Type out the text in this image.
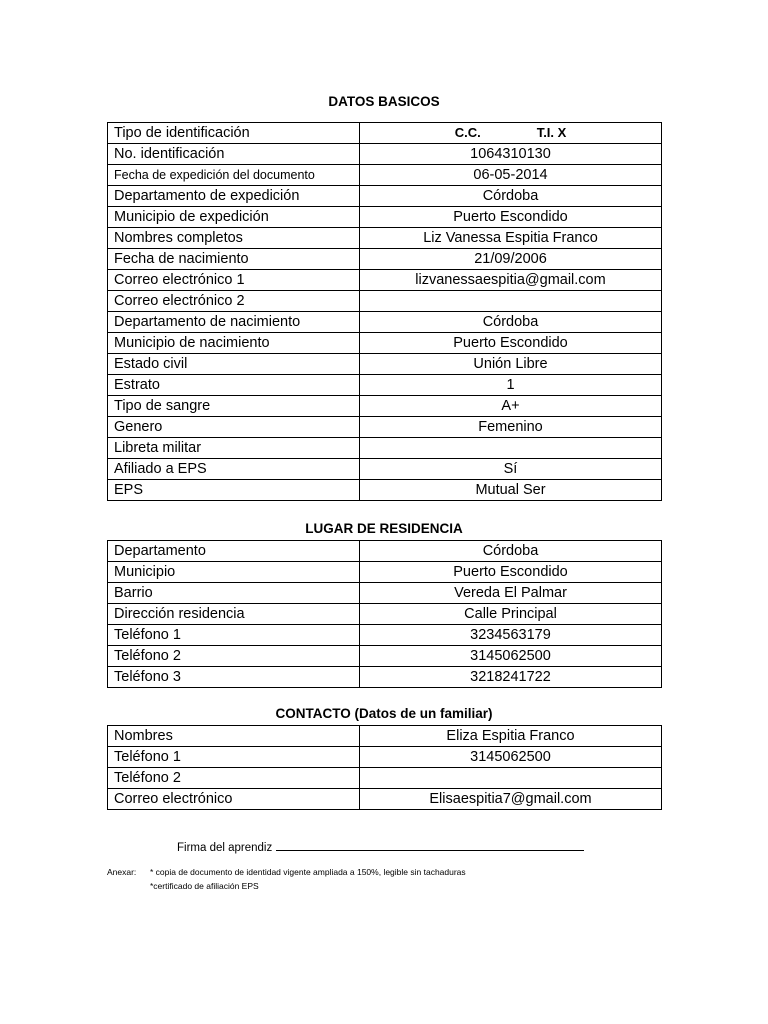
DATOS BASICOS
Tipo de identificación	C.C. T.I. X
No. identificación	1064310130
Fecha de expedición del documento	06-05-2014
Departamento de expedición	Córdoba
Municipio de expedición	Puerto Escondido
Nombres completos	Liz Vanessa Espitia Franco
Fecha de nacimiento	21/09/2006
Correo electrónico 1	lizvanessaespitia@gmail.com
Correo electrónico 2	
Departamento de nacimiento	Córdoba
Municipio de nacimiento	Puerto Escondido
Estado civil	Unión Libre
Estrato	1
Tipo de sangre	A+
Genero	Femenino
Libreta militar	
Afiliado a EPS	Sí
EPS	Mutual Ser
LUGAR DE RESIDENCIA
Departamento	Córdoba
Municipio	Puerto Escondido
Barrio	Vereda El Palmar
Dirección residencia	Calle Principal
Teléfono 1	3234563179
Teléfono 2	3145062500
Teléfono 3	3218241722
CONTACTO (Datos de un familiar)
Nombres	Eliza Espitia Franco
Teléfono 1	3145062500
Teléfono 2	
Correo electrónico	Elisaespitia7@gmail.com
Firma del aprendiz
Anexar: * copia de documento de identidad vigente ampliada a 150%, legible sin tachaduras
*certificado de afiliación EPS
